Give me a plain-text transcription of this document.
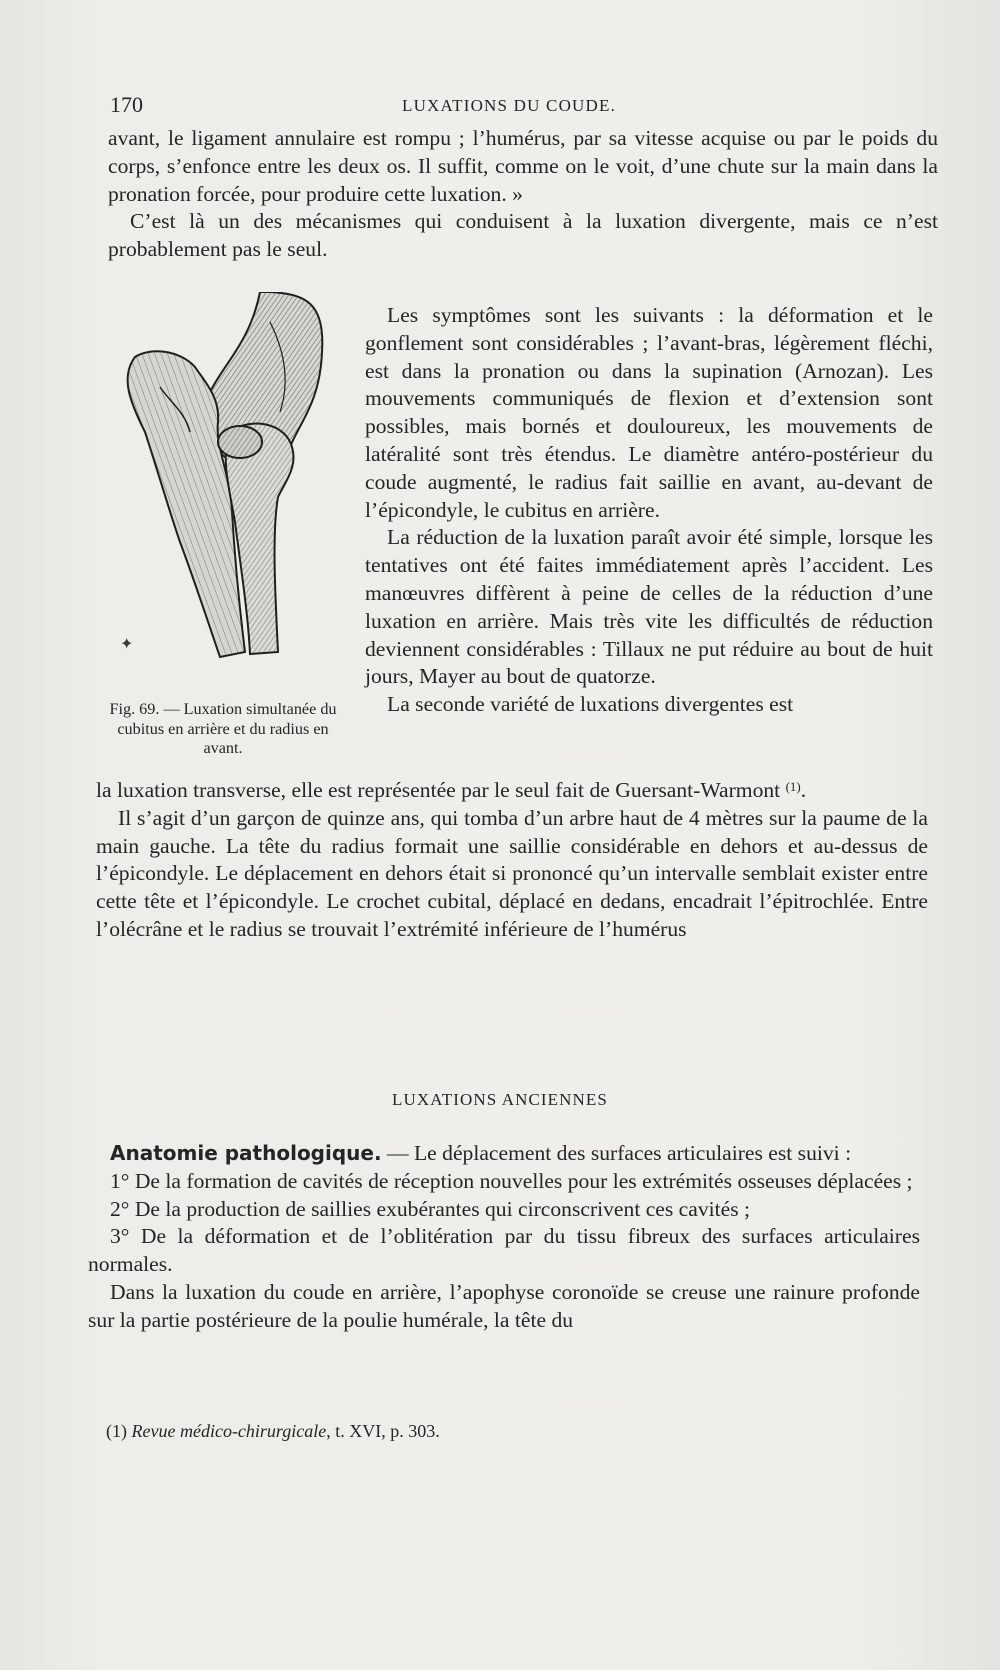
170	LUXATIONS DU COUDE.

avant, le ligament annulaire est rompu ; l’humérus, par sa vitesse acquise ou par le poids du corps, s’enfonce entre les deux os. Il suffit, comme on le voit, d’une chute sur la main dans la pronation forcée, pour produire cette luxation. »

C’est là un des mécanismes qui conduisent à la luxation divergente, mais ce n’est probablement pas le seul.

✦
Fig. 69. — Luxation simultanée du cubitus en arrière et du radius en avant.

Les symptômes sont les suivants : la déformation et le gonflement sont considérables ; l’avant-bras, légèrement fléchi, est dans la pronation ou dans la supination (Arnozan). Les mouvements communiqués de flexion et d’extension sont possibles, mais bornés et douloureux, les mouvements de latéralité sont très étendus. Le diamètre antéro-postérieur du coude augmenté, le radius fait saillie en avant, au-devant de l’épicondyle, le cubitus en arrière.

La réduction de la luxation paraît avoir été simple, lorsque les tentatives ont été faites immédiatement après l’accident. Les manœuvres diffèrent à peine de celles de la réduction d’une luxation en arrière. Mais très vite les difficultés de réduction deviennent considérables : Tillaux ne put réduire au bout de huit jours, Mayer au bout de quatorze.

La seconde variété de luxations divergentes est

la luxation transverse, elle est représentée par le seul fait de Guersant-Warmont $^{(1)}$.

Il s’agit d’un garçon de quinze ans, qui tomba d’un arbre haut de 4 mètres sur la paume de la main gauche. La tête du radius formait une saillie considérable en dehors et au-dessus de l’épicondyle. Le déplacement en dehors était si prononcé qu’un intervalle semblait exister entre cette tête et l’épicondyle. Le crochet cubital, déplacé en dedans, encadrait l’épitrochlée. Entre l’olécrâne et le radius se trouvait l’extrémité inférieure de l’humérus

LUXATIONS ANCIENNES

Anatomie pathologique. — Le déplacement des surfaces articulaires est suivi :

1° De la formation de cavités de réception nouvelles pour les extrémités osseuses déplacées ;

2° De la production de saillies exubérantes qui circonscrivent ces cavités ;

3° De la déformation et de l’oblitération par du tissu fibreux des surfaces articulaires normales.

Dans la luxation du coude en arrière, l’apophyse coronoïde se creuse une rainure profonde sur la partie postérieure de la poulie humérale, la tête du

(1) Revue médico-chirurgicale, t. XVI, p. 303.
